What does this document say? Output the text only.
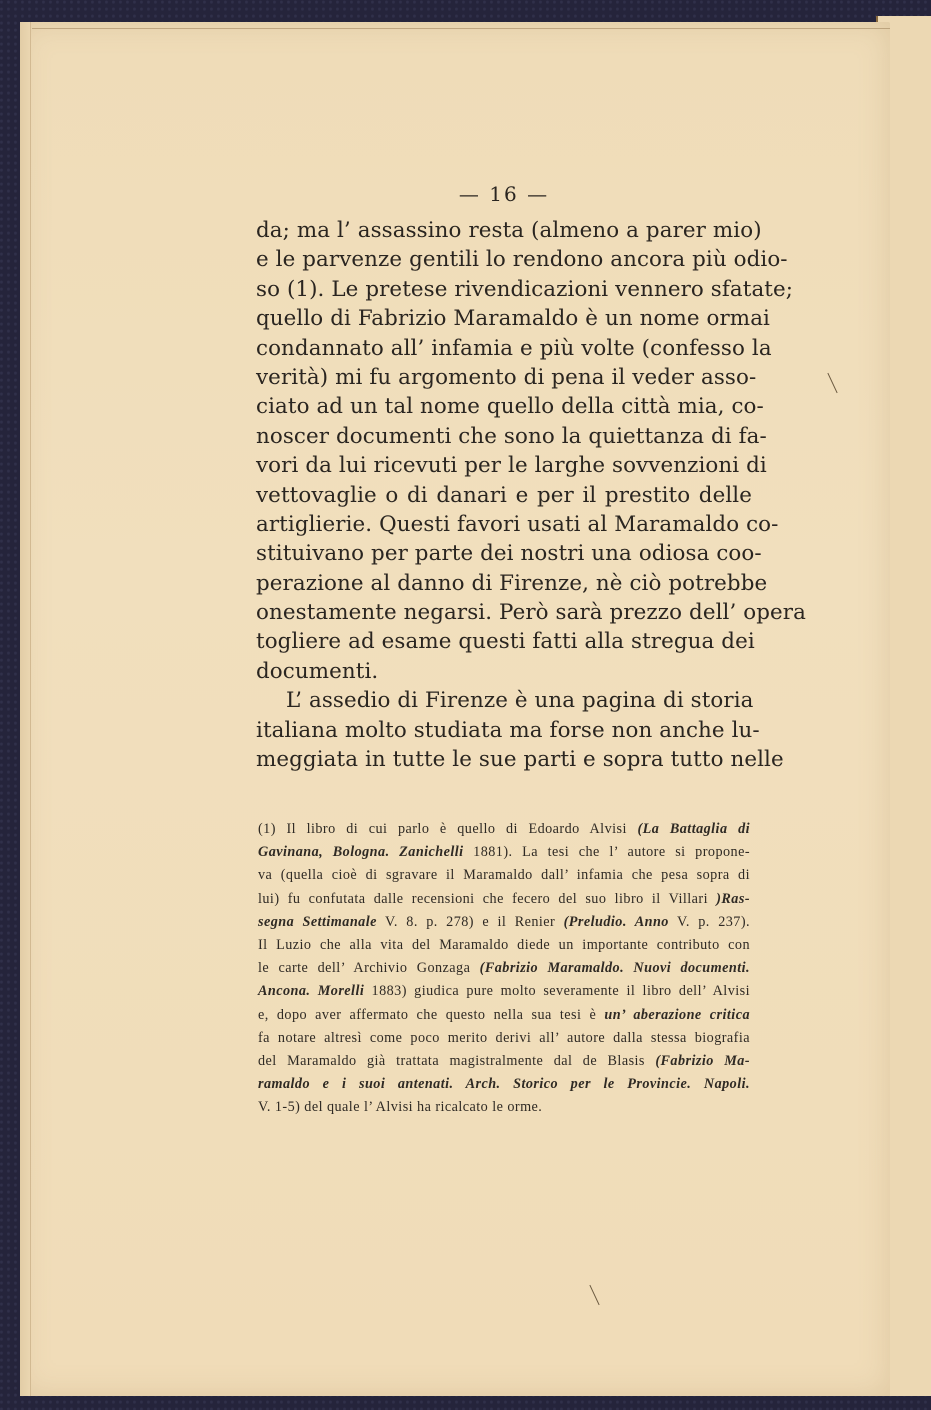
— 16 —
da; ma l’ assassino resta (almeno a parer mio)
e le parvenze gentili lo rendono ancora più odio-
so (1). Le pretese rivendicazioni vennero sfatate;
quello di Fabrizio Maramaldo è un nome ormai
condannato all’ infamia e più volte (confesso la
verità) mi fu argomento di pena il veder asso-
ciato ad un tal nome quello della città mia, co-
noscer documenti che sono la quiettanza di fa-
vori da lui ricevuti per le larghe sovvenzioni di
vettovaglie o di danari e per il prestito delle
artiglierie. Questi favori usati al Maramaldo co-
stituivano per parte dei nostri una odiosa coo-
perazione al danno di Firenze, nè ciò potrebbe
onestamente negarsi. Però sarà prezzo dell’ opera
togliere ad esame questi fatti alla stregua dei
documenti.
L’ assedio di Firenze è una pagina di storia
italiana molto studiata ma forse non anche lu-
meggiata in tutte le sue parti e sopra tutto nelle
(1) Il libro di cui parlo è quello di Edoardo Alvisi (La Battaglia di
Gavinana, Bologna. Zanichelli 1881). La tesi che l’ autore si propone-
va (quella cioè di sgravare il Maramaldo dall’ infamia che pesa sopra di
lui) fu confutata dalle recensioni che fecero del suo libro il Villari )Ras-
segna Settimanale V. 8. p. 278) e il Renier (Preludio. Anno V. p. 237).
Il Luzio che alla vita del Maramaldo diede un importante contributo con
le carte dell’ Archivio Gonzaga (Fabrizio Maramaldo. Nuovi documenti.
Ancona. Morelli 1883) giudica pure molto severamente il libro dell’ Alvisi
e, dopo aver affermato che questo nella sua tesi è un’ aberazione critica
fa notare altresì come poco merito derivi all’ autore dalla stessa biografia
del Maramaldo già trattata magistralmente dal de Blasis (Fabrizio Ma-
ramaldo e i suoi antenati. Arch. Storico per le Provincie. Napoli.
V. 1-5) del quale l’ Alvisi ha ricalcato le orme.
